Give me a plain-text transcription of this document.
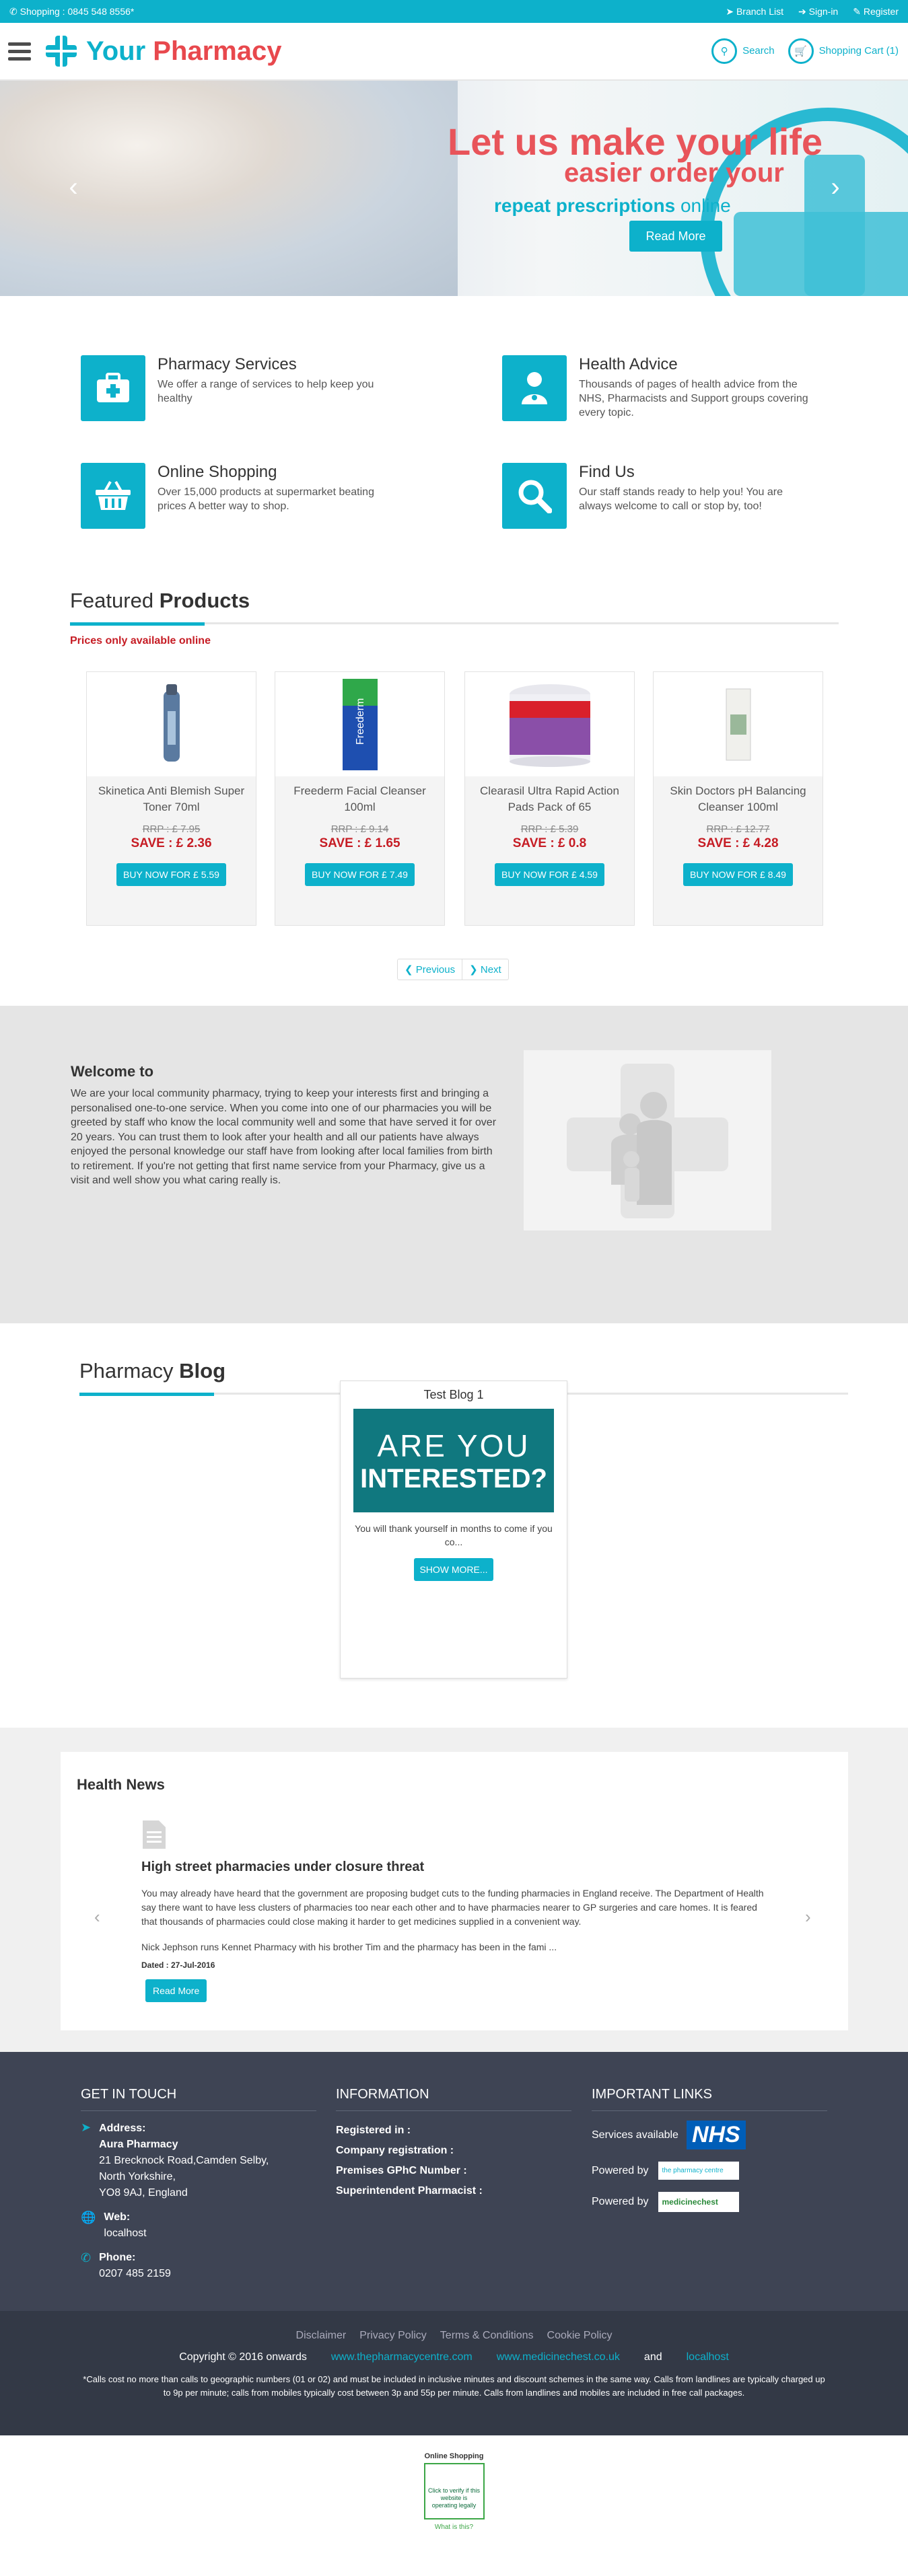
✆ Shopping : 0845 548 8556*	➤ Branch List ➔ Sign-in ✎ Register
Your Pharmacy	⚲ Search	🛒 Shopping Cart (1)
Let us make your life
easier order your
repeat prescriptions online
Read More
‹	›
Pharmacy Services

We offer a range of services to help keep you healthy

Health Advice

Thousands of pages of health advice from the NHS, Pharmacists and Support groups covering every topic.

Online Shopping

Over 15,000 products at supermarket beating prices A better way to shop.

Find Us

Our staff stands ready to help you! You are always welcome to call or stop by, too!

Featured Products
Prices only available online
Skinetica Anti Blemish Super Toner 70ml
RRP : £ 7.95
SAVE : £ 2.36
BUY NOW FOR £ 5.59
Freederm
Freederm Facial Cleanser 100ml
RRP : £ 9.14
SAVE : £ 1.65
BUY NOW FOR £ 7.49
Clearasil Ultra Rapid Action Pads Pack of 65
RRP : £ 5.39
SAVE : £ 0.8
BUY NOW FOR £ 4.59
Skin Doctors pH Balancing Cleanser 100ml
RRP : £ 12.77
SAVE : £ 4.28
BUY NOW FOR £ 8.49
❮ Previous	❯ Next
Welcome to
We are your local community pharmacy, trying to keep your interests first and bringing a personalised one-to-one service. When you come into one of our pharmacies you will be greeted by staff who know the local community well and some that have served it for over 20 years. You can trust them to look after your health and all our patients have always enjoyed the personal knowledge our staff have from looking after local families from birth to retirement. If you're not getting that first name service from your Pharmacy, give us a visit and well show you what caring really is.
Pharmacy Blog
Test Blog 1
ARE YOU
INTERESTED?
You will thank yourself in months to come if you co...
SHOW MORE...
Health News
High street pharmacies under closure threat
You may already have heard that the government are proposing budget cuts to the funding pharmacies in England receive. The Department of Health say there want to have less clusters of pharmacies too near each other and to have pharmacies nearer to GP surgeries and care homes. It is feared that thousands of pharmacies could close making it harder to get medicines supplied in a convenient way.
Nick Jephson runs Kennet Pharmacy with his brother Tim and the pharmacy has been in the fami ...
Dated : 27-Jul-2016
Read More
‹	›
GET IN TOUCH
➤ Address:
Aura Pharmacy
21 Brecknock Road,Camden Selby,
North Yorkshire,
YO8 9AJ, England
🌐 Web:
localhost
✆ Phone:
0207 485 2159
INFORMATION
Registered in :
Company registration :
Premises GPhC Number :
Superintendent Pharmacist :
IMPORTANT LINKS
Services available NHS
Powered by	the pharmacy centre
Powered by	medicinechest
Disclaimer Privacy Policy Terms & Conditions Cookie Policy
Copyright © 2016 onwards www.thepharmacycentre.com www.medicinechest.co.uk and localhost
*Calls cost no more than calls to geographic numbers (01 or 02) and must be included in inclusive minutes and discount schemes in the same way. Calls from landlines are typically charged up to 9p per minute; calls from mobiles typically cost between 3p and 55p per minute. Calls from landlines and mobiles are included in free call packages.
Online Shopping
Click to verify if this website is operating legally
What is this?
